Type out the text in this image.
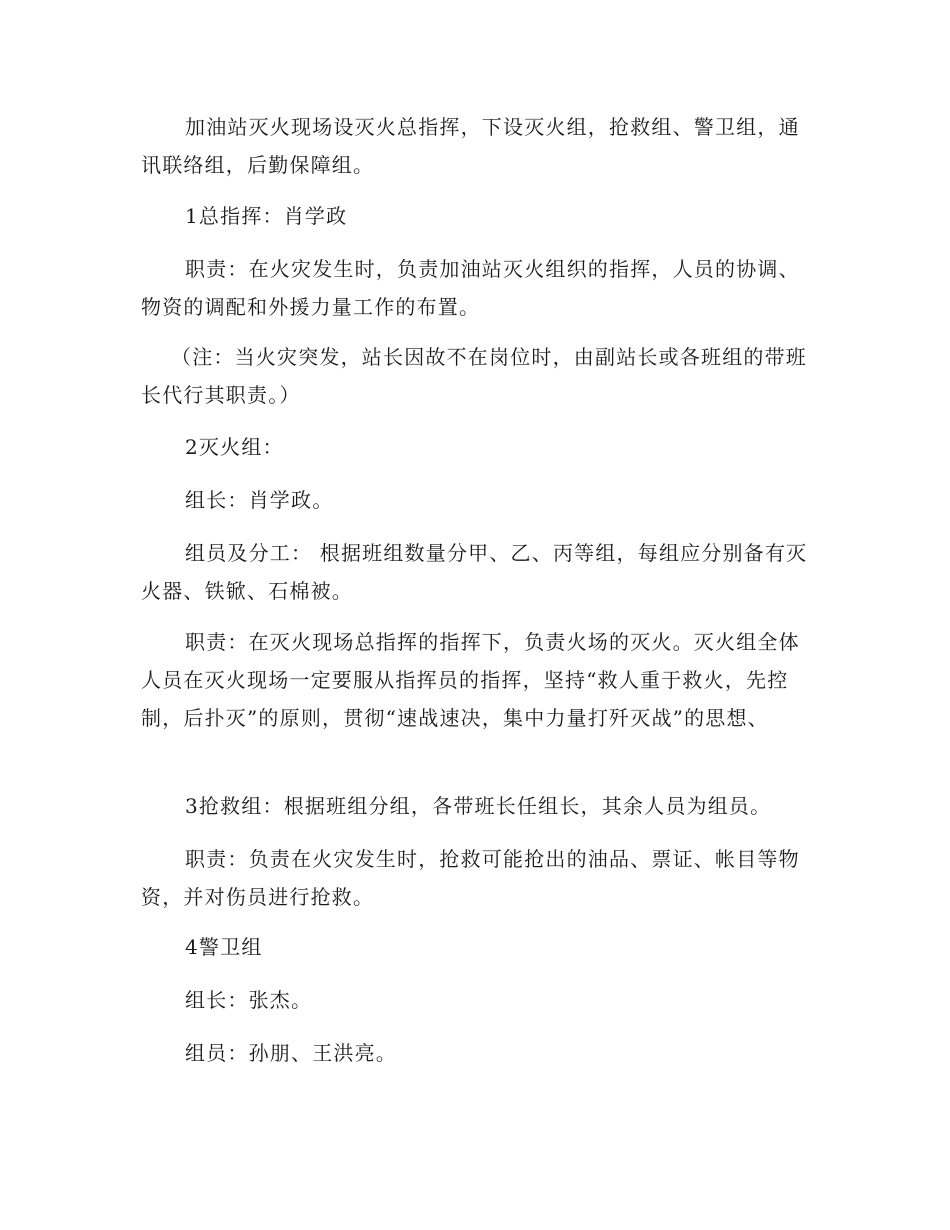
加油站灭火现场设灭火总指挥，下设灭火组，抢救组、警卫组，通讯联络组，后勤保障组。

1总指挥：肖学政

职责：在火灾发生时，负责加油站灭火组织的指挥，人员的协调、物资的调配和外援力量工作的布置。

（注：当火灾突发，站长因故不在岗位时，由副站长或各班组的带班长代行其职责。）

2灭火组：

组长：肖学政。

组员及分工： 根据班组数量分甲、乙、丙等组，每组应分别备有灭火器、铁锨、石棉被。

职责：在灭火现场总指挥的指挥下，负责火场的灭火。灭火组全体人员在灭火现场一定要服从指挥员的指挥，坚持“救人重于救火，先控制，后扑灭”的原则，贯彻“速战速决，集中力量打歼灭战”的思想、

3抢救组：根据班组分组，各带班长任组长，其余人员为组员。

职责：负责在火灾发生时，抢救可能抢出的油品、票证、帐目等物资，并对伤员进行抢救。

4警卫组

组长：张杰。

组员：孙朋、王洪亮。
